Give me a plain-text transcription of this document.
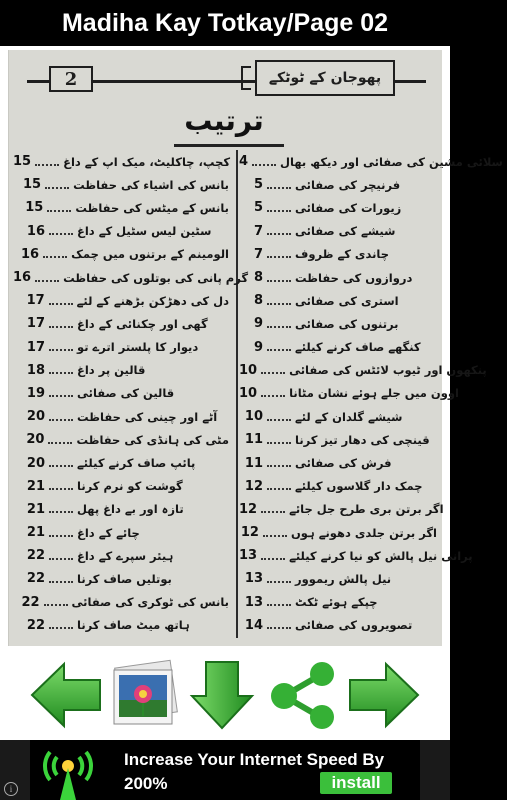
Madiha Kay Totkay/Page 02
2	پھوجان کے ٹوٹکے
ترتیب
15	کچپ، چاکلیٹ، میک اپ کے داغ
15	بانس کی اشیاء کی حفاظت
15	بانس کے میٹس کی حفاظت
16	سٹین لیس سٹیل کے داغ
16	الومینم کے برتنوں میں چمک
16	گرم پانی کی بوتلوں کی حفاظت
17	دل کی دھڑکن بڑھنے کے لئے
17	گھی اور چکنائی کے داغ
17	دیوار کا پلستر اترے تو
18	قالین پر داغ
19	قالین کی صفائی
20	آٹے اور چینی کی حفاظت
20	مٹی کی ہانڈی کی حفاظت
20	پائپ صاف کرنے کیلئے
21	گوشت کو نرم کرنا
21	تازہ اور بے داغ پھل
21	چائے کے داغ
22	ہیئر سپرے کے داغ
22	بوتلیں صاف کرنا
22	بانس کی ٹوکری کی صفائی
22	ہاتھ میٹ صاف کرنا
4	سلائی مشین کی صفائی اور دیکھ بھال
5	فرنیچر کی صفائی
5	زیورات کی صفائی
7	شیشے کی صفائی
7	چاندی کے ظروف
8	دروازوں کی حفاظت
8	استری کی صفائی
9	برتنوں کی صفائی
9	کنگھے صاف کرنے کیلئے
10	پنکھوں اور ٹیوب لائٹس کی صفائی
10	اوون میں جلے ہوئے نشان مٹانا
10	شیشے گلدان کے لئے
11	قینچی کی دھار تیز کرنا
11	فرش کی صفائی
12	چمک دار گلاسوں کیلئے
12	اگر برتن بری طرح جل جائے
12	اگر برتن جلدی دھونے ہوں
13	پرانی نیل پالش کو نیا کرنے کیلئے
13	نیل پالش ریموور
13	چپکے ہوئے ٹکٹ
14	تصویروں کی صفائی
i
Increase Your Internet Speed By
200%	install
